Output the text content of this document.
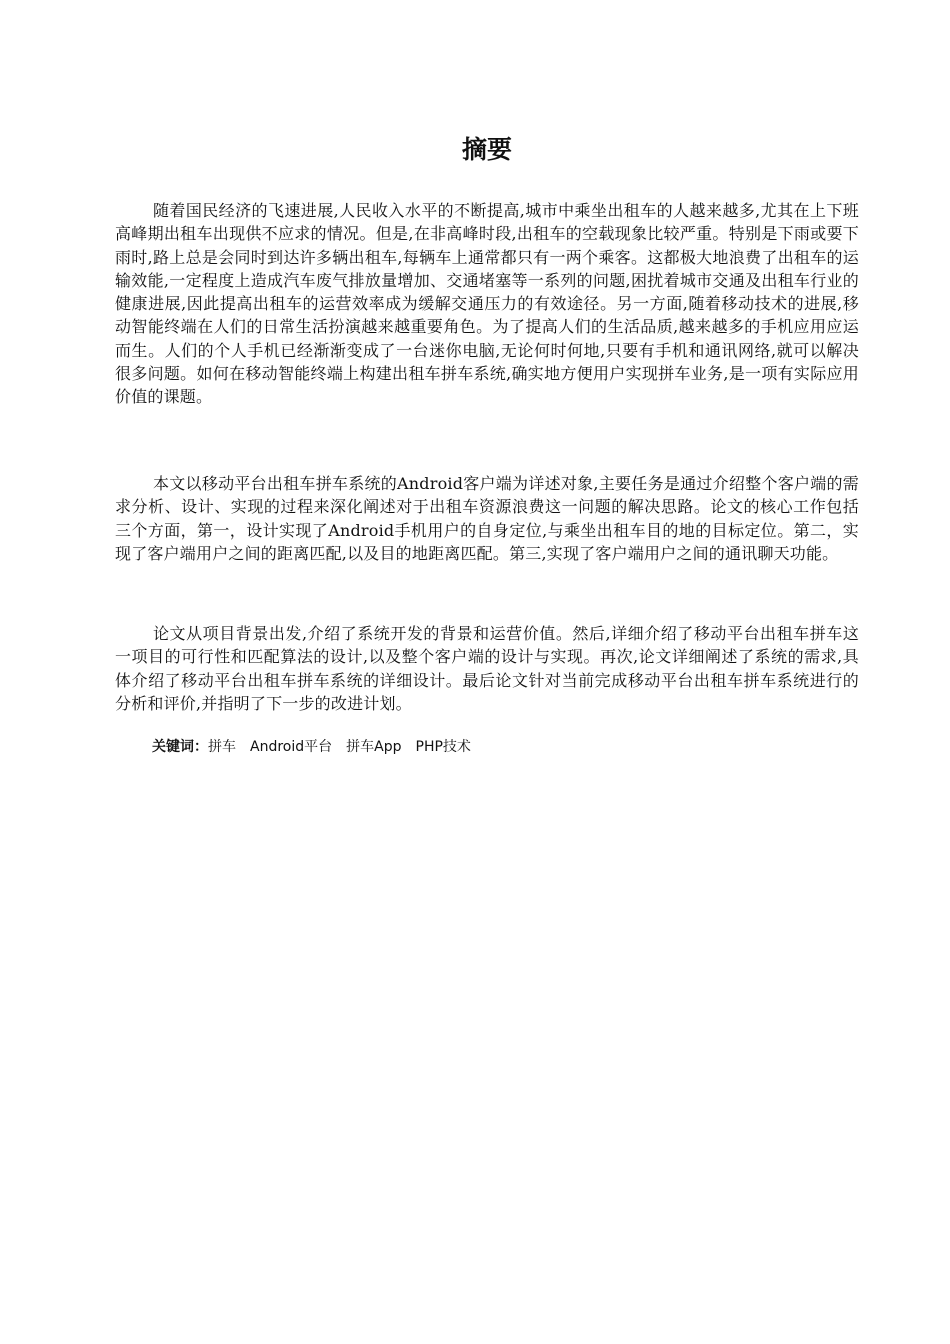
摘要

随着国民经济的飞速进展,人民收入水平的不断提高,城市中乘坐出租车的人越来越多,尤其在上下班高峰期出租车出现供不应求的情况。但是,在非高峰时段,出租车的空载现象比较严重。特别是下雨或要下雨时,路上总是会同时到达许多辆出租车,每辆车上通常都只有一两个乘客。这都极大地浪费了出租车的运输效能,一定程度上造成汽车废气排放量增加、交通堵塞等一系列的问题,困扰着城市交通及出租车行业的健康进展,因此提高出租车的运营效率成为缓解交通压力的有效途径。另一方面,随着移动技术的进展,移动智能终端在人们的日常生活扮演越来越重要角色。为了提高人们的生活品质,越来越多的手机应用应运而生。人们的个人手机已经渐渐变成了一台迷你电脑,无论何时何地,只要有手机和通讯网络,就可以解决很多问题。如何在移动智能终端上构建出租车拼车系统,确实地方便用户实现拼车业务,是一项有实际应用价值的课题。

本文以移动平台出租车拼车系统的Android客户端为详述对象,主要任务是通过介绍整个客户端的需求分析、设计、实现的过程来深化阐述对于出租车资源浪费这一问题的解决思路。论文的核心工作包括三个方面，第一，设计实现了Android手机用户的自身定位,与乘坐出租车目的地的目标定位。第二，实现了客户端用户之间的距离匹配,以及目的地距离匹配。第三,实现了客户端用户之间的通讯聊天功能。

论文从项目背景出发,介绍了系统开发的背景和运营价值。然后,详细介绍了移动平台出租车拼车这一项目的可行性和匹配算法的设计,以及整个客户端的设计与实现。再次,论文详细阐述了系统的需求,具体介绍了移动平台出租车拼车系统的详细设计。最后论文针对当前完成移动平台出租车拼车系统进行的分析和评价,并指明了下一步的改进计划。

关键词：拼车 Android平台 拼车App PHP技术
